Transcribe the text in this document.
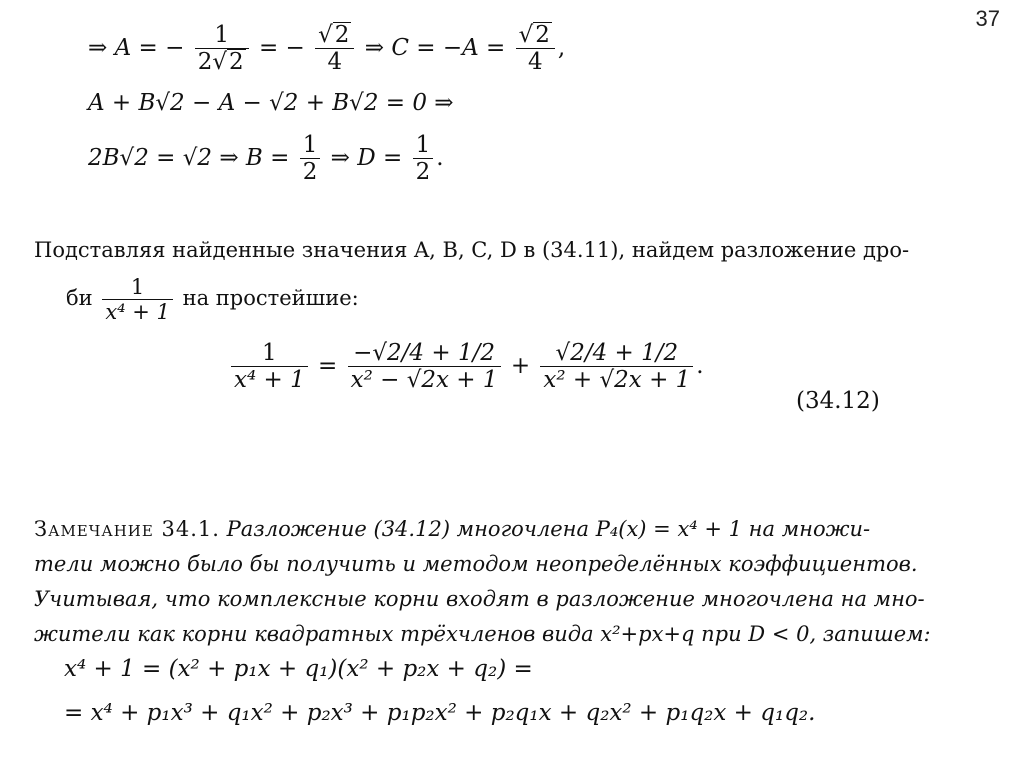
37
⇒ A = − $\frac{1}{2√2}$ = − $\frac{√2}{4}$ ⇒ $C = -A = \frac{√2}{4}$ ,
A + B√2 − A − √2 + B√2 = 0 ⇒
2B√2 = √2 ⇒ $B = \frac{1}{2}$ ⇒ $D = \frac{1}{2}$ .
Подставляя найденные значения A, B, C, D в (34.11), найдем разложение дро-
би $\frac{1}{\text{x⁴ + 1}}$ на простейшие:
$\frac{1}{\text{x⁴ + 1}} = \frac{-√2/4 + 1/2}{\text{x² − √2x + 1}} + \frac{√2/4 + 1/2}{\text{x² + √2x + 1}}$ .
(34.12)
Замечание 34.1. Разложение (34.12) многочлена P₄(x) = x⁴ + 1 на множи-
тели можно было бы получить и методом неопределённых коэффициентов.
Учитывая, что комплексные корни входят в разложение многочлена на мно-
жители как корни квадратных трёхчленов вида x²+px+q при D < 0, запишем:
x⁴ + 1 = (x² + p₁x + q₁)(x² + p₂x + q₂) =
= x⁴ + p₁x³ + q₁x² + p₂x³ + p₁p₂x² + p₂q₁x + q₂x² + p₁q₂x + q₁q₂.
